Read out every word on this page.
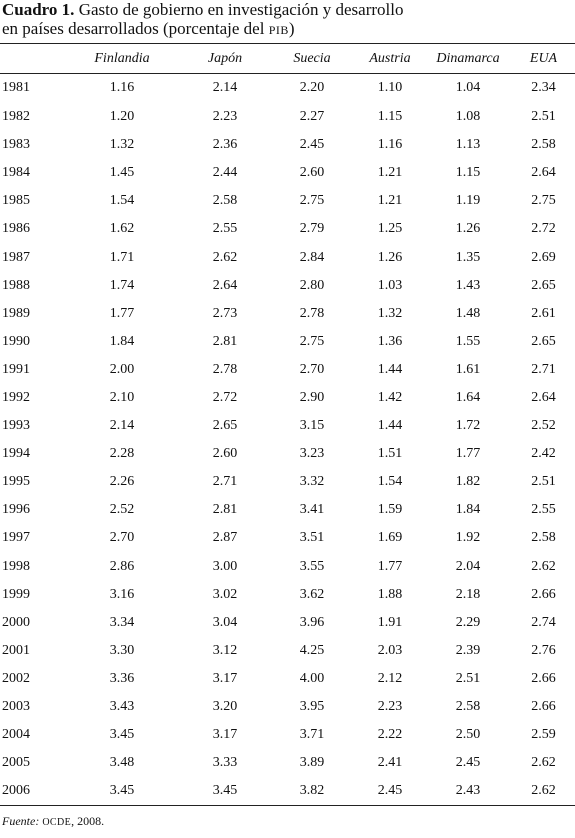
Cuadro 1. Gasto de gobierno en investigación y desarrollo
en países desarrollados (porcentaje del PIB)
	Finlandia	Japón	Suecia	Austria	Dinamarca	EUA
1981	1.16	2.14	2.20	1.10	1.04	2.34
1982	1.20	2.23	2.27	1.15	1.08	2.51
1983	1.32	2.36	2.45	1.16	1.13	2.58
1984	1.45	2.44	2.60	1.21	1.15	2.64
1985	1.54	2.58	2.75	1.21	1.19	2.75
1986	1.62	2.55	2.79	1.25	1.26	2.72
1987	1.71	2.62	2.84	1.26	1.35	2.69
1988	1.74	2.64	2.80	1.03	1.43	2.65
1989	1.77	2.73	2.78	1.32	1.48	2.61
1990	1.84	2.81	2.75	1.36	1.55	2.65
1991	2.00	2.78	2.70	1.44	1.61	2.71
1992	2.10	2.72	2.90	1.42	1.64	2.64
1993	2.14	2.65	3.15	1.44	1.72	2.52
1994	2.28	2.60	3.23	1.51	1.77	2.42
1995	2.26	2.71	3.32	1.54	1.82	2.51
1996	2.52	2.81	3.41	1.59	1.84	2.55
1997	2.70	2.87	3.51	1.69	1.92	2.58
1998	2.86	3.00	3.55	1.77	2.04	2.62
1999	3.16	3.02	3.62	1.88	2.18	2.66
2000	3.34	3.04	3.96	1.91	2.29	2.74
2001	3.30	3.12	4.25	2.03	2.39	2.76
2002	3.36	3.17	4.00	2.12	2.51	2.66
2003	3.43	3.20	3.95	2.23	2.58	2.66
2004	3.45	3.17	3.71	2.22	2.50	2.59
2005	3.48	3.33	3.89	2.41	2.45	2.62
2006	3.45	3.45	3.82	2.45	2.43	2.62
Fuente: OCDE, 2008.
